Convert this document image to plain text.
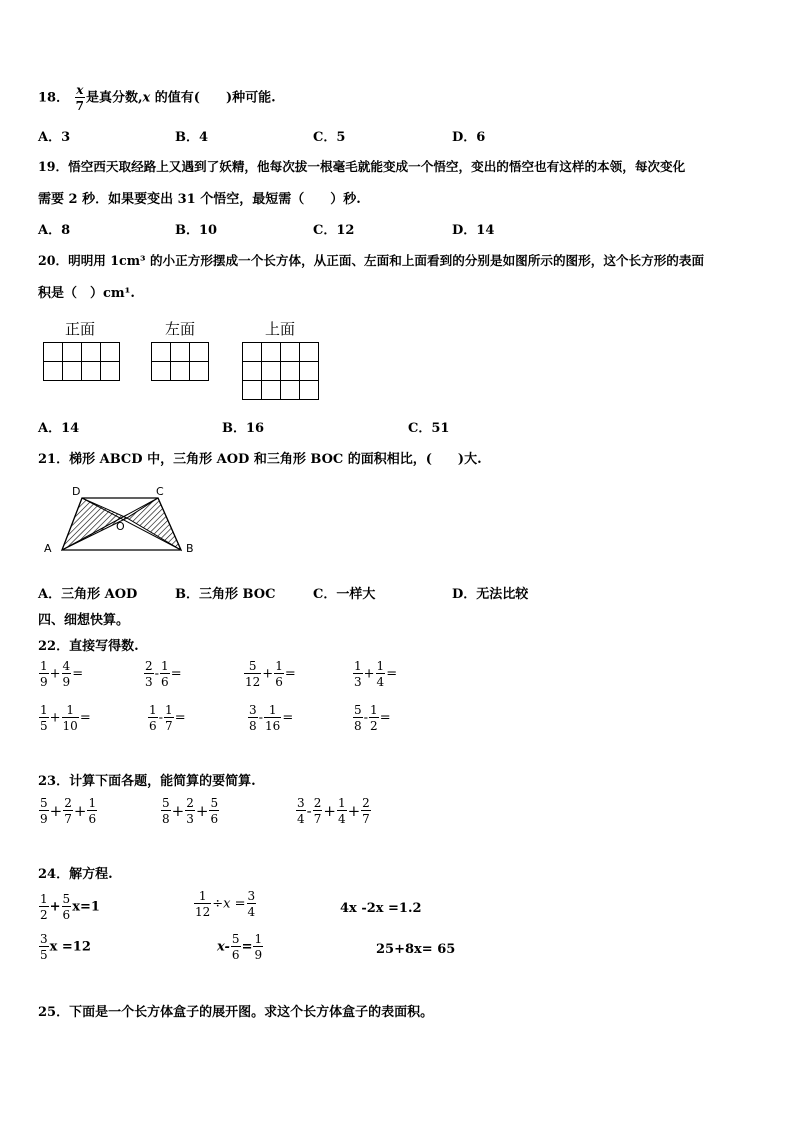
18． $\frac{x}{7}$ 是真分数,x 的值有(　　)种可能.
A．3	B．4	C．5	D．6
19．悟空西天取经路上又遇到了妖精，他每次拔一根毫毛就能变成一个悟空，变出的悟空也有这样的本领，每次变化
需要 2 秒．如果要变出 31 个悟空，最短需（　　）秒.
A．8	B．10	C．12	D．14
20．明明用 1cm³ 的小正方形摆成一个长方体，从正面、左面和上面看到的分别是如图所示的图形，这个长方形的表面
积是（　）cm¹.
正面	左面	上面

A．14	B．16	C．51
21．梯形 ABCD 中，三角形 AOD 和三角形 BOC 的面积相比，(　　)大.
D	C
O
A	B
A．三角形 AOD	B．三角形 BOC	C．一样大	D．无法比较
四、细想快算。
22．直接写得数.
$\frac{1}{9} + \frac{4}{9}$ =	$\frac{2}{3} - \frac{1}{6}$ =	$\frac{5}{12} + \frac{1}{6}$ =	$\frac{1}{3} + \frac{1}{4}$ =
$\frac{1}{5} + \frac{1}{10}$ =	$\frac{1}{6} - \frac{1}{7}$ =	$\frac{3}{8} - \frac{1}{16}$ =	$\frac{5}{8} - \frac{1}{2}$ =
23．计算下面各题，能简算的要简算.
$\frac{5}{9} + \frac{2}{7} + \frac{1}{6}$	$\frac{5}{8} + \frac{2}{3} + \frac{5}{6}$	$\frac{3}{4} - \frac{2}{7} + \frac{1}{4} + \frac{2}{7}$
24．解方程.
$\frac{1}{2} + \frac{5}{6} x=1$	$\frac{1}{12} \div x = \frac{3}{4}$	4x -2x =1.2
$\frac{3}{5}$ x =12	$x- \frac{5}{6} = \frac{1}{9}$	25+8x= 65
25．下面是一个长方体盒子的展开图。求这个长方体盒子的表面积。
